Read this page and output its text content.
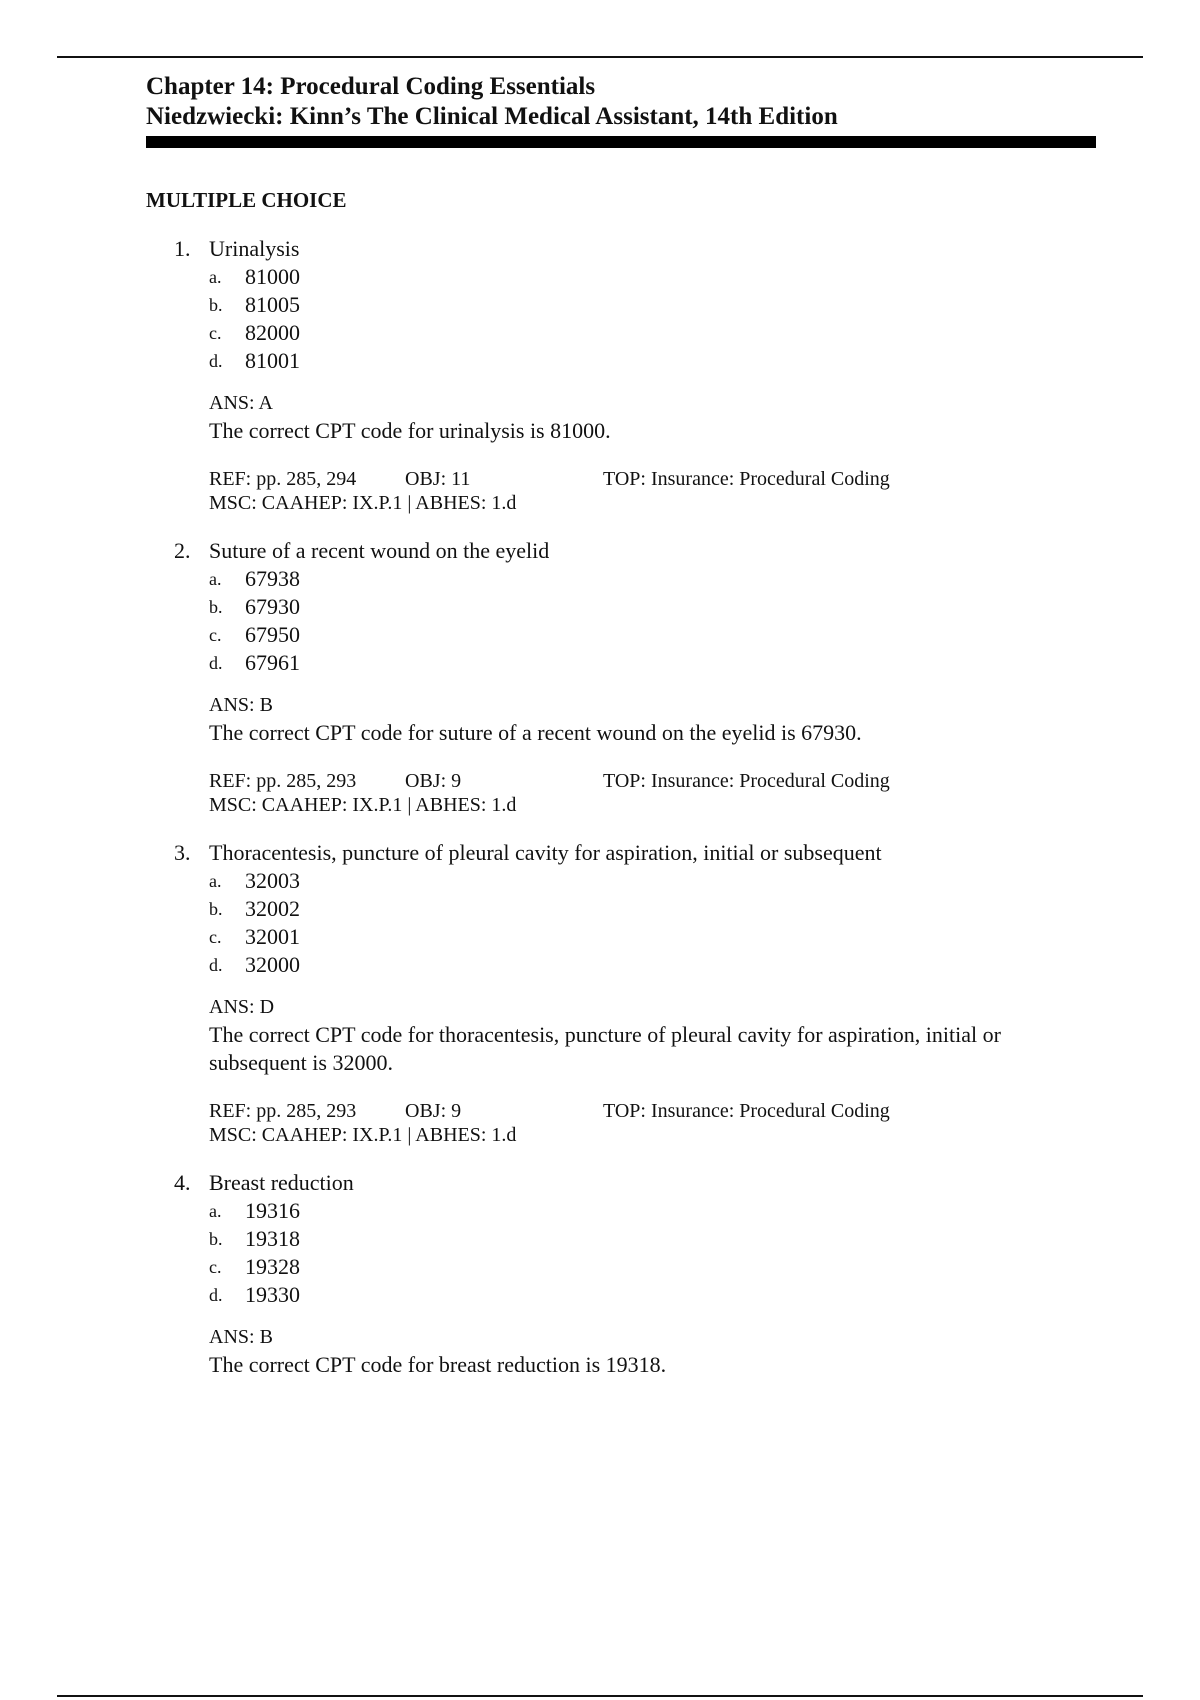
Chapter 14: Procedural Coding Essentials

Niedzwiecki: Kinn’s The Clinical Medical Assistant, 14th Edition

MULTIPLE CHOICE
1. Urinalysis
a. 81000
b. 81005
c. 82000
d. 81001
ANS: A
The correct CPT code for urinalysis is 81000.
REF: pp. 285, 294 OBJ: 11	TOP: Insurance: Procedural Coding
MSC: CAAHEP: IX.P.1 | ABHES: 1.d
2. Suture of a recent wound on the eyelid
a. 67938
b. 67930
c. 67950
d. 67961
ANS: B
The correct CPT code for suture of a recent wound on the eyelid is 67930.
REF: pp. 285, 293 OBJ: 9	TOP: Insurance: Procedural Coding
MSC: CAAHEP: IX.P.1 | ABHES: 1.d
3. Thoracentesis, puncture of pleural cavity for aspiration, initial or subsequent
a. 32003
b. 32002
c. 32001
d. 32000
ANS: D
The correct CPT code for thoracentesis, puncture of pleural cavity for aspiration, initial or subsequent is 32000.
REF: pp. 285, 293 OBJ: 9	TOP: Insurance: Procedural Coding
MSC: CAAHEP: IX.P.1 | ABHES: 1.d
4. Breast reduction
a. 19316
b. 19318
c. 19328
d. 19330
ANS: B
The correct CPT code for breast reduction is 19318.
